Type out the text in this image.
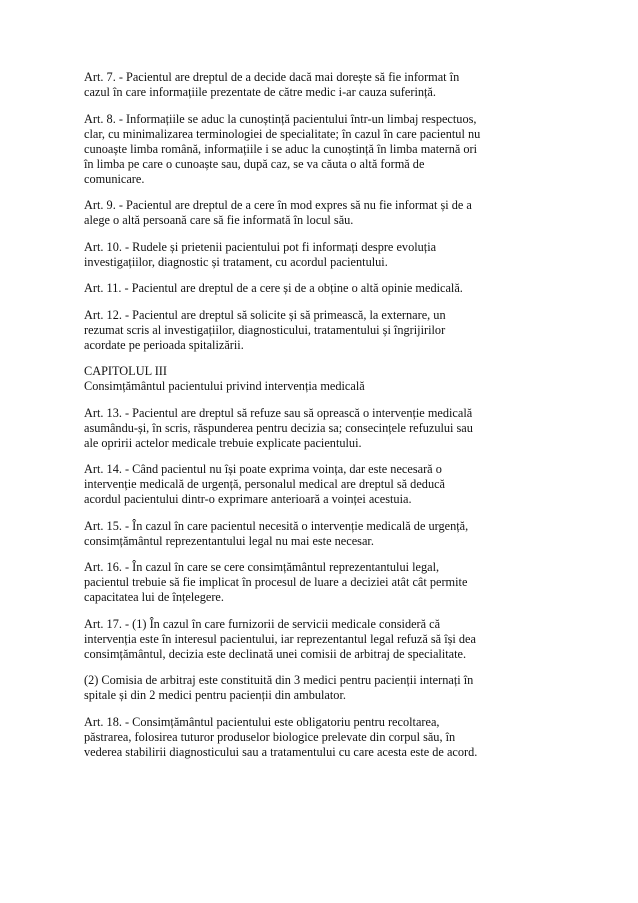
Art. 7. - Pacientul are dreptul de a decide dacă mai dorește să fie informat în
cazul în care informațiile prezentate de către medic i-ar cauza suferință.

Art. 8. - Informațiile se aduc la cunoștință pacientului într-un limbaj respectuos,
clar, cu minimalizarea terminologiei de specialitate; în cazul în care pacientul nu
cunoaște limba română, informațiile i se aduc la cunoștință în limba maternă ori
în limba pe care o cunoaște sau, după caz, se va căuta o altă formă de
comunicare.

Art. 9. - Pacientul are dreptul de a cere în mod expres să nu fie informat și de a
alege o altă persoană care să fie informată în locul său.

Art. 10. - Rudele și prietenii pacientului pot fi informați despre evoluția
investigațiilor, diagnostic și tratament, cu acordul pacientului.

Art. 11. - Pacientul are dreptul de a cere și de a obține o altă opinie medicală.

Art. 12. - Pacientul are dreptul să solicite și să primească, la externare, un
rezumat scris al investigațiilor, diagnosticului, tratamentului și îngrijirilor
acordate pe perioada spitalizării.

CAPITOLUL III
Consimțământul pacientului privind intervenția medicală

Art. 13. - Pacientul are dreptul să refuze sau să oprească o intervenție medicală
asumându-și, în scris, răspunderea pentru decizia sa; consecințele refuzului sau
ale opririi actelor medicale trebuie explicate pacientului.

Art. 14. - Când pacientul nu își poate exprima voința, dar este necesară o
intervenție medicală de urgență, personalul medical are dreptul să deducă
acordul pacientului dintr-o exprimare anterioară a voinței acestuia.

Art. 15. - În cazul în care pacientul necesită o intervenție medicală de urgență,
consimțământul reprezentantului legal nu mai este necesar.

Art. 16. - În cazul în care se cere consimțământul reprezentantului legal,
pacientul trebuie să fie implicat în procesul de luare a deciziei atât cât permite
capacitatea lui de înțelegere.

Art. 17. - (1) În cazul în care furnizorii de servicii medicale consideră că
intervenția este în interesul pacientului, iar reprezentantul legal refuză să își dea
consimțământul, decizia este declinată unei comisii de arbitraj de specialitate.

(2) Comisia de arbitraj este constituită din 3 medici pentru pacienții internați în
spitale și din 2 medici pentru pacienții din ambulator.

Art. 18. - Consimțământul pacientului este obligatoriu pentru recoltarea,
păstrarea, folosirea tuturor produselor biologice prelevate din corpul său, în
vederea stabilirii diagnosticului sau a tratamentului cu care acesta este de acord.
